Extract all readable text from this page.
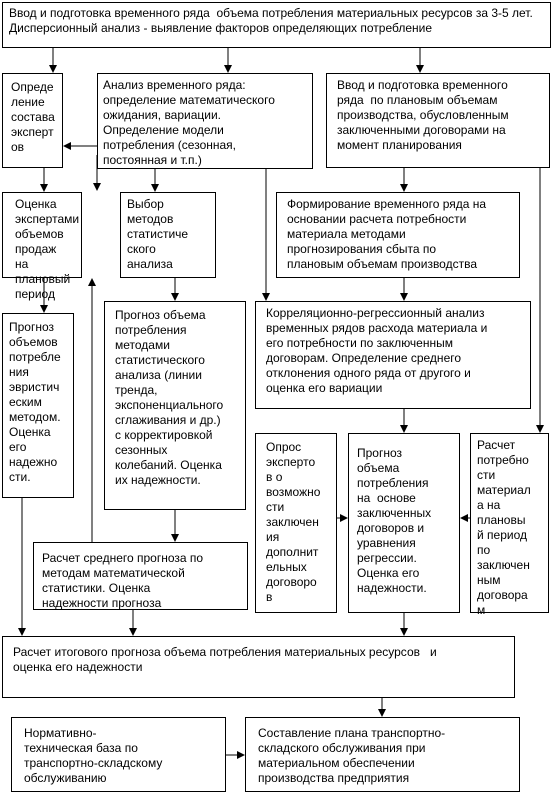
Ввод и подготовка временного ряда  объема потребления материальных ресурсов за 3-5 лет. Дисперсионный анализ - выявление факторов определяющих потребление
Опреде
ление
состава
эксперт
ов
Анализ временного ряда:
определение математического
ожидания, вариации.
Определение модели
потребления (сезонная,
постоянная и т.п.)
Ввод и подготовка временного
ряда  по плановым объемам
производства, обусловленным
заключенными договорами на
момент планирования
Оценка
экспертами
объемов
продаж на
плановый
период
Выбор
методов
статистиче
ского
анализа
Формирование временного ряда на
основании расчета потребности
материала методами
прогнозирования сбыта по
плановым объемам производства
Прогноз
объемов
потребле
ния
эвристич
еским
методом.
Оценка
его
надежно
сти.
Прогноз объема
потребления
методами
статистического
анализа (линии
тренда,
экспоненциального
сглаживания и др.)
с корректировкой
сезонных
колебаний. Оценка
их надежности.
Корреляционно-регрессионный анализ
временных рядов расхода материала и
его потребности по заключенным
договорам. Определение среднего
отклонения одного ряда от другого и
оценка его вариации
Опрос
эксперто
в о
возможно
сти
заключен
ия
дополнит
ельных
договоро
в
Прогноз
объема
потребления
на  основе
заключенных
договоров и
уравнения
регрессии.
Оценка его
надежности.
Расчет
потребно
сти
материал
а на
плановы
й период
по
заключен
ным
договора
м
Расчет среднего прогноза по
методам математической
статистики. Оценка
надежности прогноза
Расчет итогового прогноза объема потребления материальных ресурсов   и
оценка его надежности
Нормативно-
техническая база по
транспортно-складскому
обслуживанию
Составление плана транспортно-
складского обслуживания при
материальном обеспечении
производства предприятия
